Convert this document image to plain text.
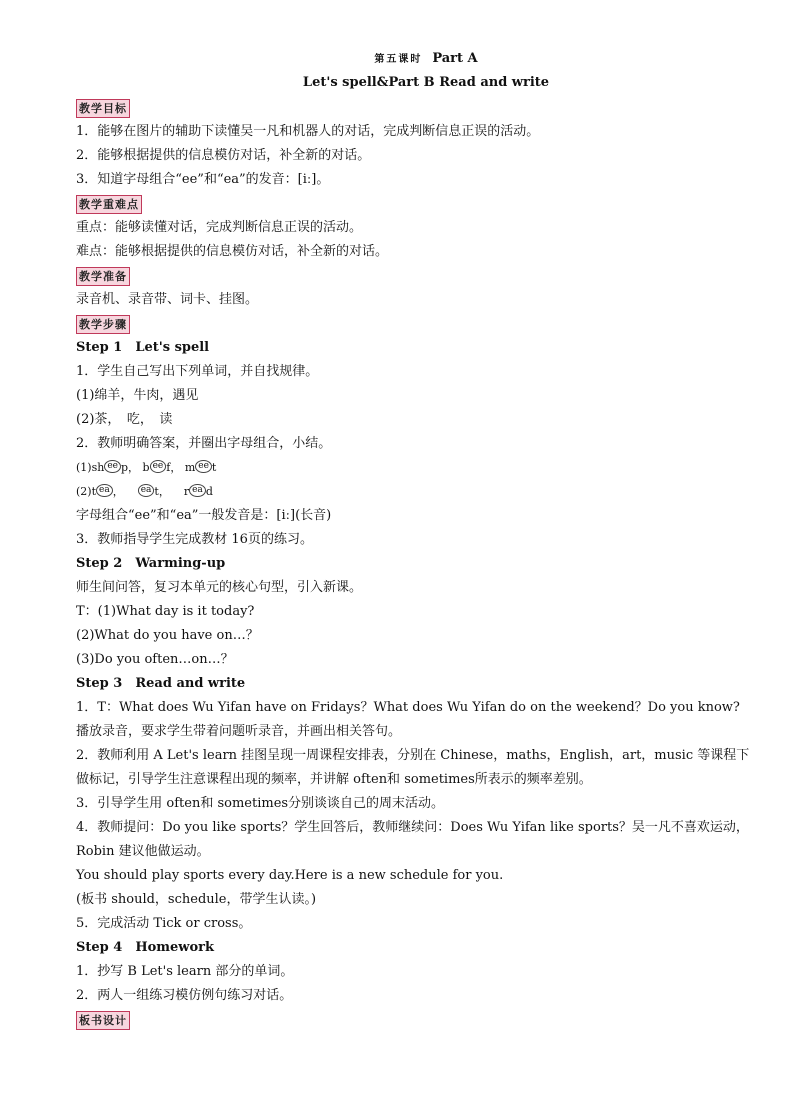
第五课时 Part A
Let's spell&Part B Read and write
教学目标
1．能够在图片的辅助下读懂吴一凡和机器人的对话，完成判断信息正误的活动。
2．能够根据提供的信息模仿对话，补全新的对话。
3．知道字母组合“ee”和“ea”的发音：[iː]。
教学重难点
重点：能够读懂对话，完成判断信息正误的活动。
难点：能够根据提供的信息模仿对话，补全新的对话。
教学准备
录音机、录音带、词卡、挂图。
教学步骤
Step 1　Let's spell
1．学生自己写出下列单词，并自找规律。
(1)绵羊，牛肉，遇见
(2)茶，　吃，　读
2．教师明确答案，并圈出字母组合，小结。
(1)sh ee p， b ee f， m ee t
(2)t ea ，    ea t，    r ea d
字母组合“ee”和“ea”一般发音是：[iː](长音)
3．教师指导学生完成教材 16页的练习。
Step 2　Warming-up
师生间问答，复习本单元的核心句型，引入新课。
T：(1)What day is it today?
(2)What do you have on…？
(3)Do you often…on…？
Step 3　Read and write
1．T：What does Wu Yifan have on Fridays？What does Wu Yifan do on the weekend？Do you know?
播放录音，要求学生带着问题听录音，并画出相关答句。
2．教师利用 A Let's learn 挂图呈现一周课程安排表，分别在 Chinese，maths，English，art，music 等课程下做标记，引导学生注意课程出现的频率，并讲解 often和 sometimes所表示的频率差别。
3．引导学生用 often和 sometimes分别谈谈自己的周末活动。
4．教师提问：Do you like sports？学生回答后，教师继续问：Does Wu Yifan like sports？吴一凡不喜欢运动，Robin 建议他做运动。
You should play sports every day.Here is a new schedule for you.
(板书 should，schedule，带学生认读。)
5．完成活动 Tick or cross。
Step 4　Homework
1．抄写 B Let's learn 部分的单词。
2．两人一组练习模仿例句练习对话。
板书设计
